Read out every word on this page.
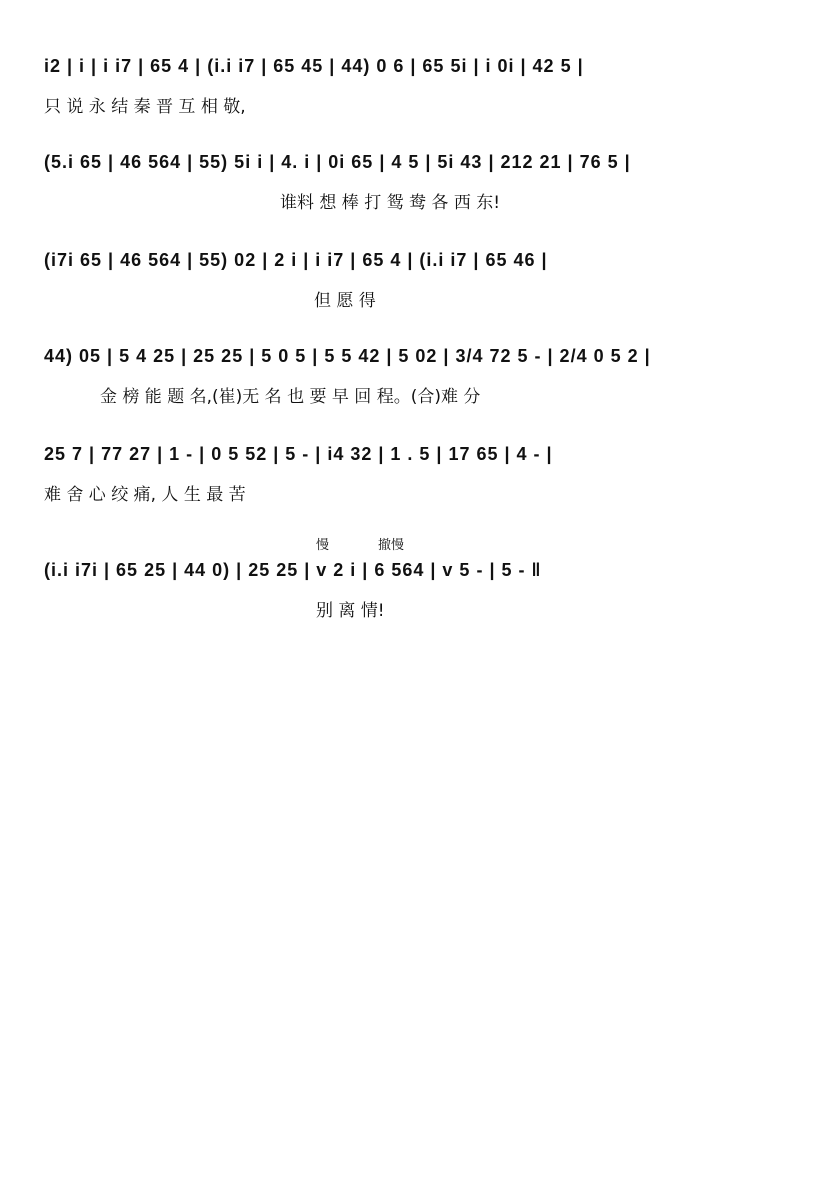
i2 | i | i i7 | 65 4 | (i.i i7 | 65 45 | 44) 0 6 | 65 5i | i 0i | 42 5 |
只 说 永 结 秦 晋 互 相 敬,
(5.i 65 | 46 564 | 55) 5i i | 4. i | 0i 65 | 4 5 | 5i 43 | 212 21 | 76 5 |
谁料 想 棒 打 鸳 鸯 各 西 东!
(i7i 65 | 46 564 | 55) 02 | 2 i | i i7 | 65 4 | (i.i i7 | 65 46 |
但 愿 得
44) 05 | 5 4 25 | 25 25 | 5 0 5 | 5 5 42 | 5 02 | 3/4 72 5 - | 2/4 0 5 2 |
金 榜 能 题 名,(崔)无 名 也 要 早 回 程。(合)难 分
25 7 | 77 27 | 1 - | 0 5 52 | 5 - | i4 32 | 1 . 5 | 17 65 | 4 - |
难 舍 心 绞 痛, 人 生 最 苦
慢	撤慢
(i.i i7i | 65 25 | 44 0) | 25 25 | v 2 i | 6 564 | v 5 - | 5 - ‖
别 离 情!
